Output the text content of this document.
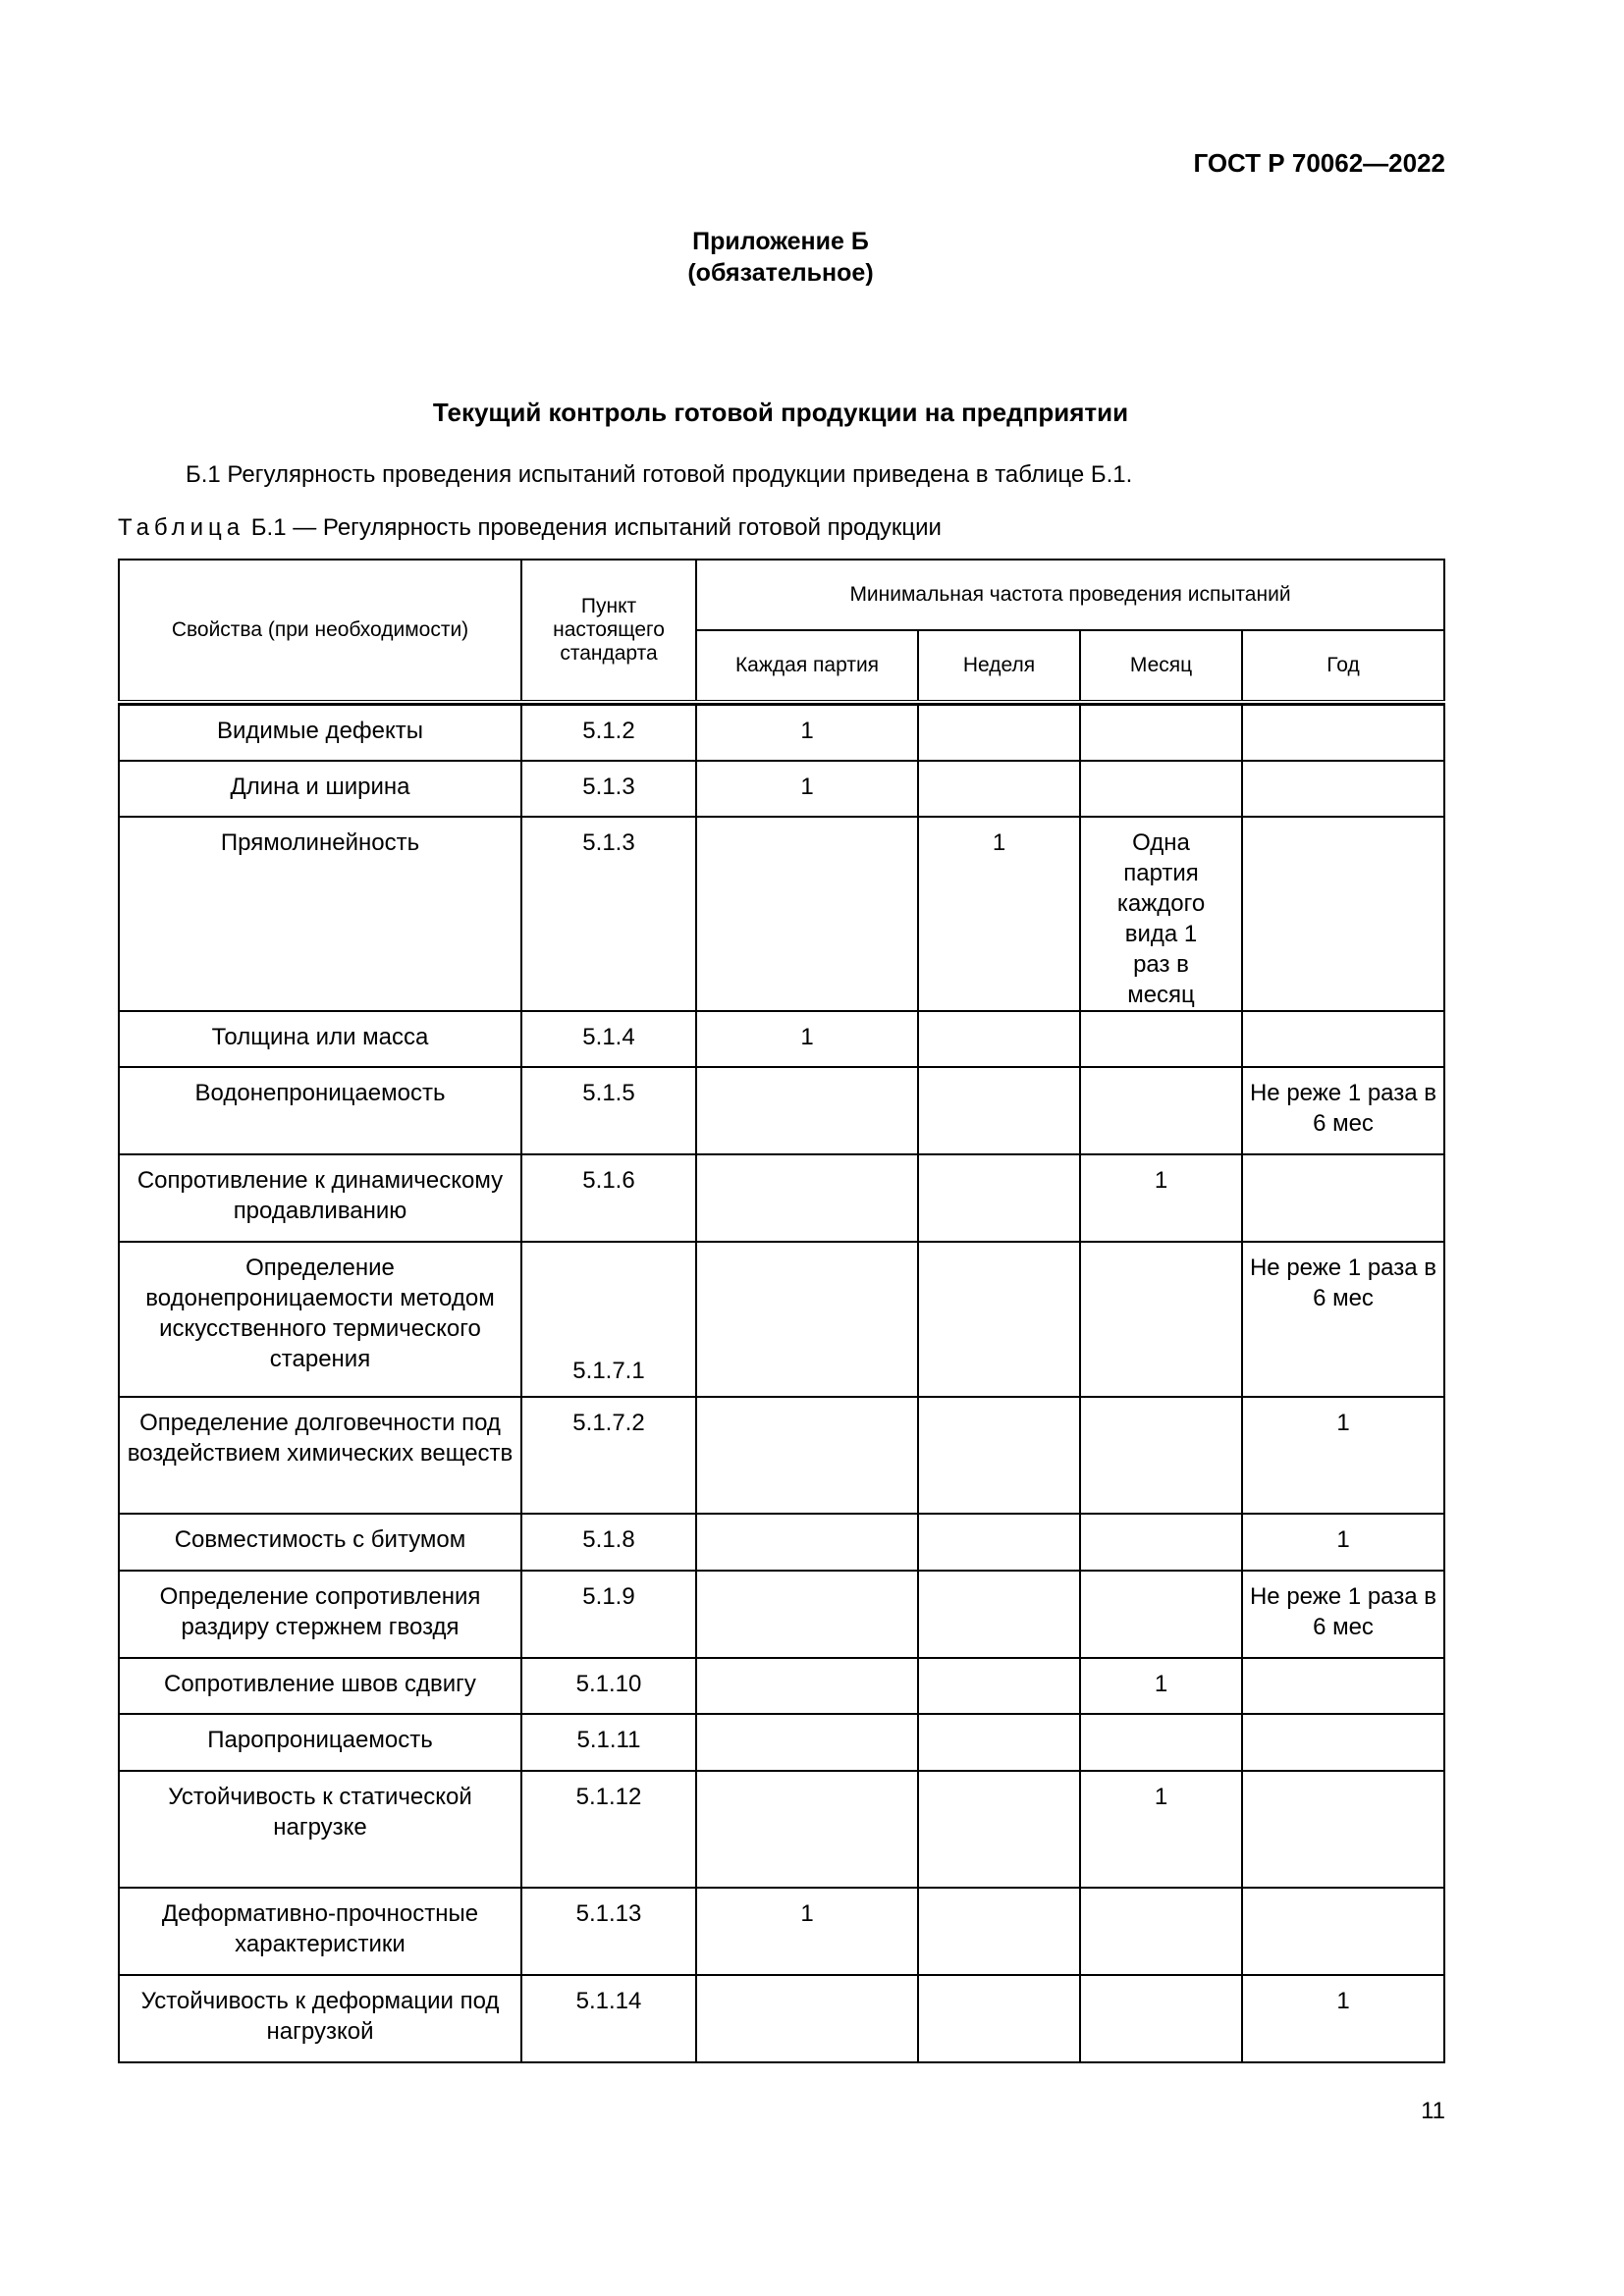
ГОСТ Р 70062—2022
Приложение Б
(обязательное)
Текущий контроль готовой продукции на предприятии
Б.1 Регулярность проведения испытаний готовой продукции приведена в таблице Б.1.
Таблица Б.1 — Регулярность проведения испытаний готовой продукции
Свойства (при необходимости)	Пункт настоящего стандарта	Минимальная частота проведения испытаний			
		Каждая партия	Неделя	Месяц	Год

Видимые дефекты	5.1.2	1			
Длина и ширина	5.1.3	1			
Прямолинейность	5.1.3		1	Одна партия каждого вида 1 раз в месяц	
Толщина или масса	5.1.4	1			
Водонепроницаемость	5.1.5				Не реже 1 раза в 6 мес
Сопротивление к динамическому продавливанию	5.1.6			1	
Определение водонепроницаемости методом искусственного термического старения	5.1.7.1				Не реже 1 раза в 6 мес
Определение долговечности под воздействием химических веществ	5.1.7.2				1
Совместимость с битумом	5.1.8				1
Определение сопротивления раздиру стержнем гвоздя	5.1.9				Не реже 1 раза в 6 мес
Сопротивление швов сдвигу	5.1.10			1	
Паропроницаемость	5.1.11				
Устойчивость к статической нагрузке	5.1.12			1	
Деформативно-прочностные характеристики	5.1.13	1			
Устойчивость к деформации под нагрузкой	5.1.14				1
11
